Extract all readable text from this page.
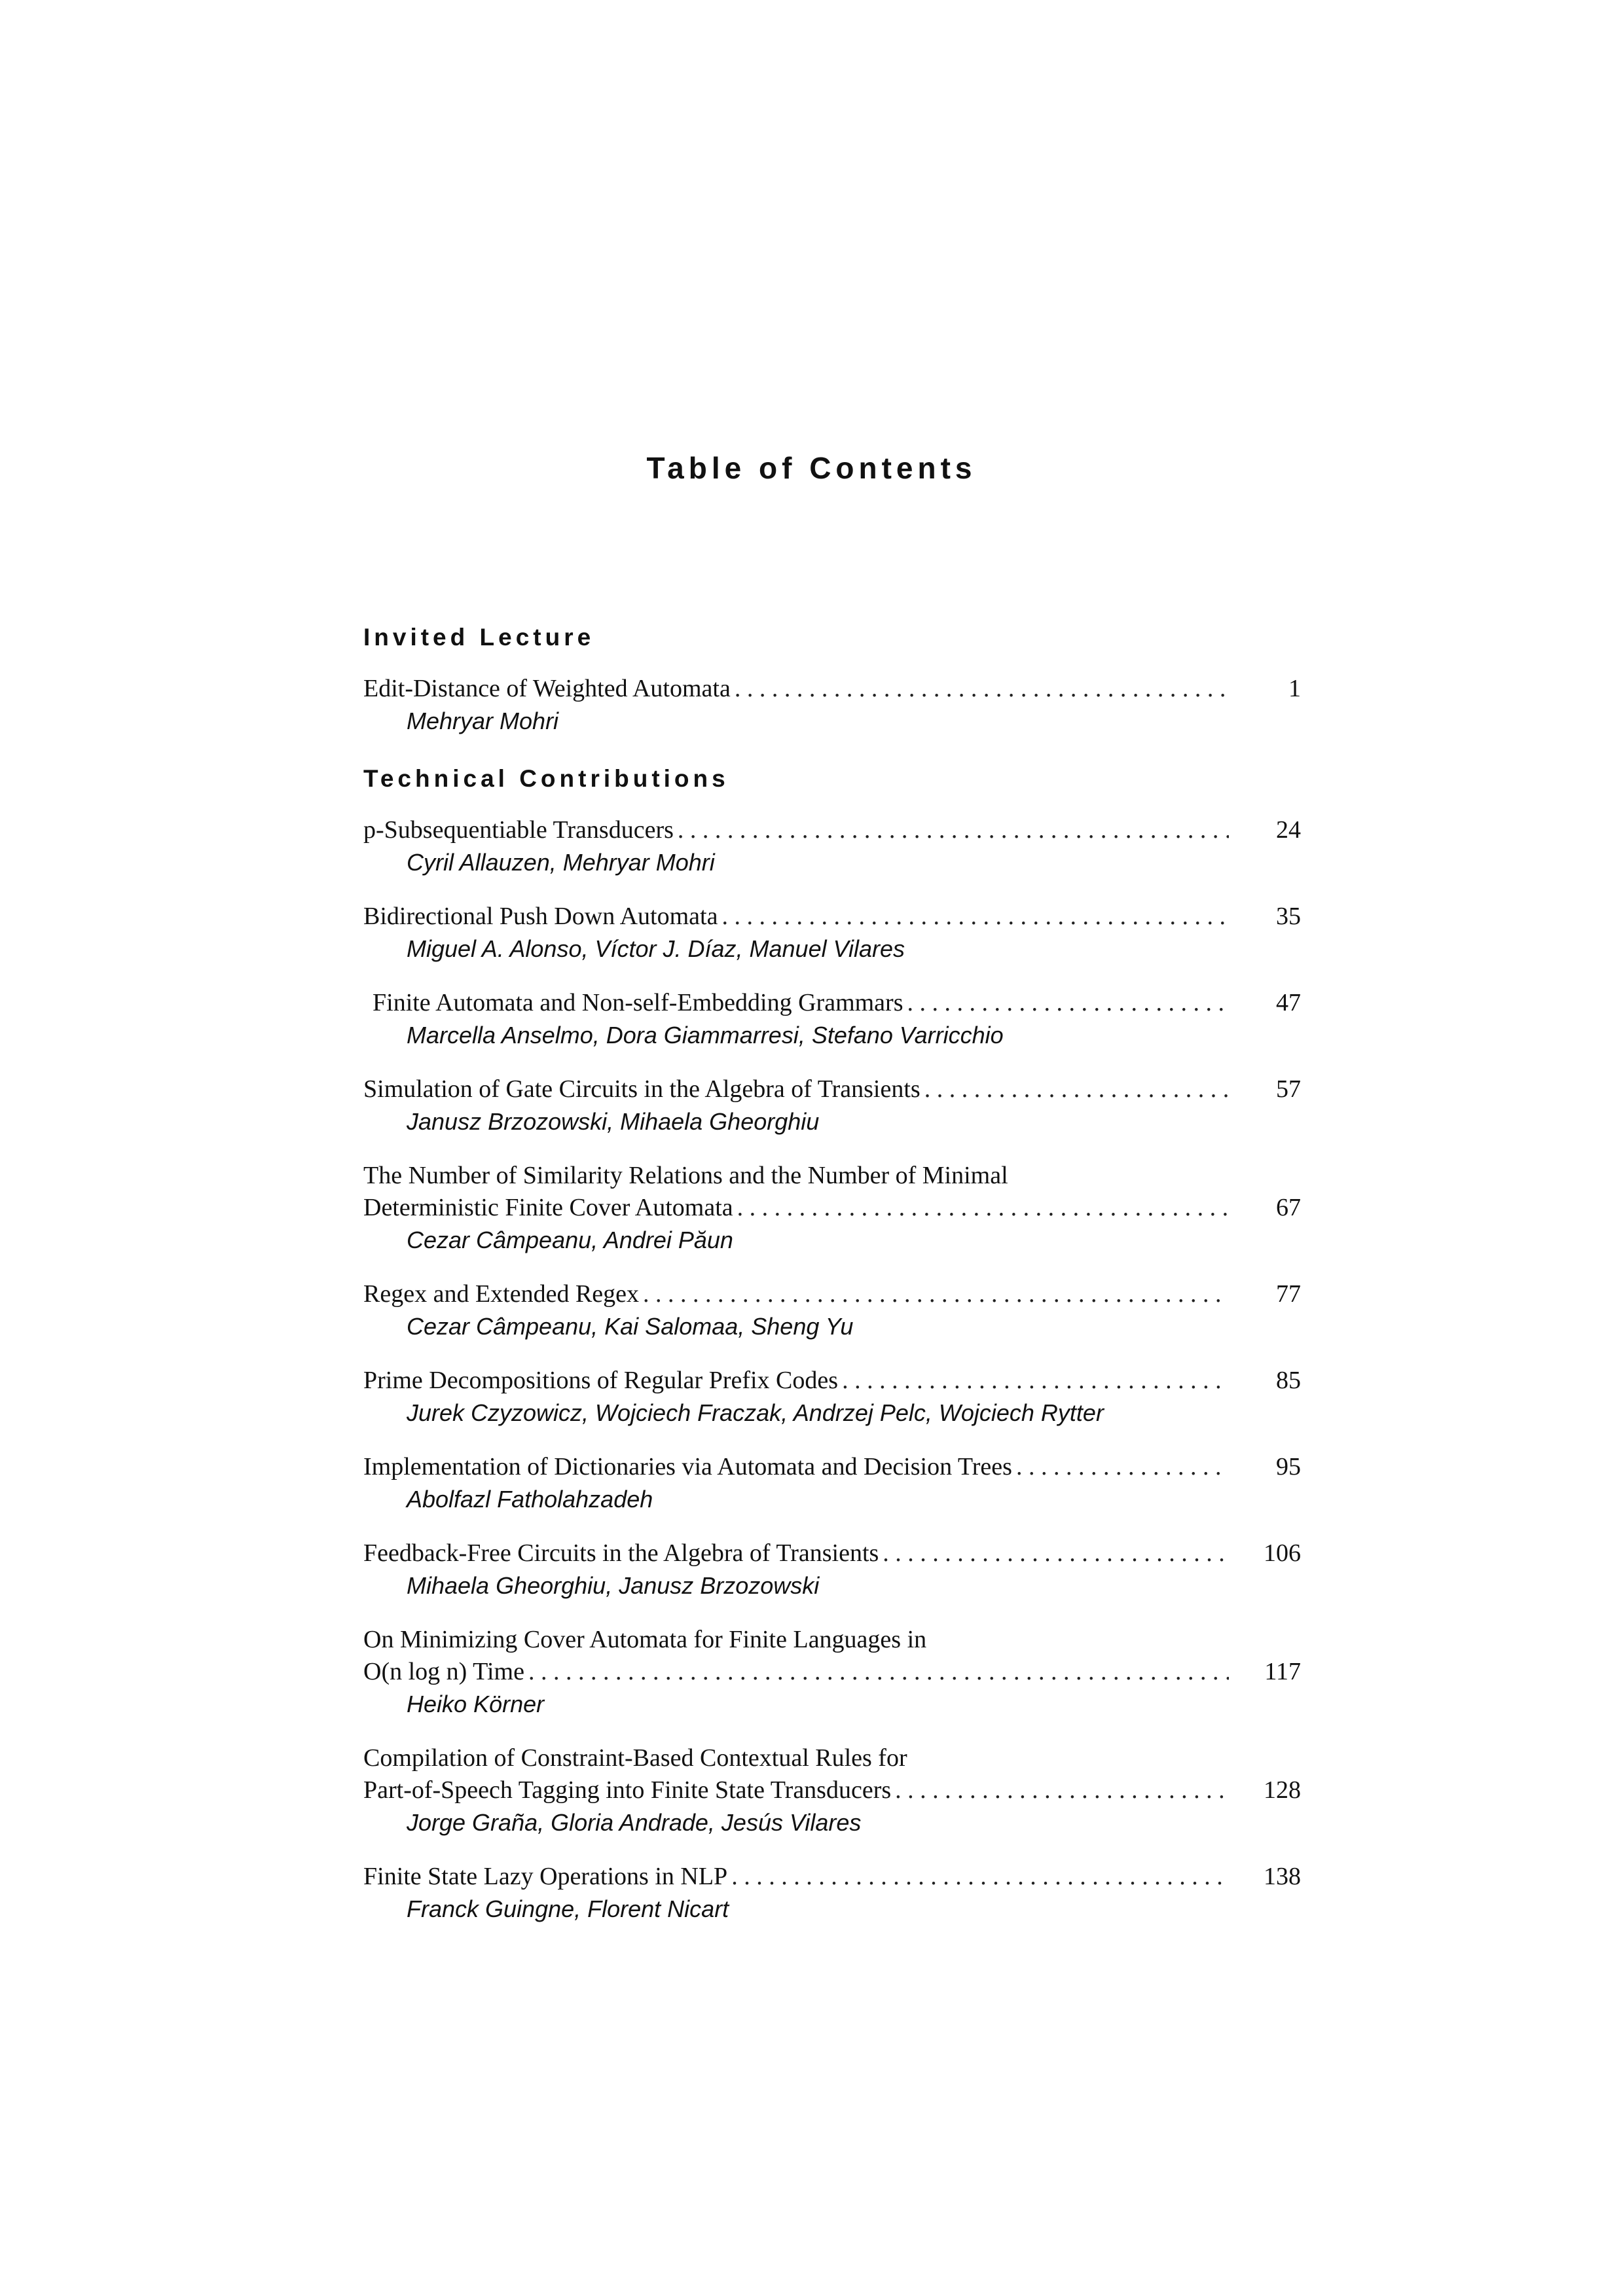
Table of Contents
Invited Lecture
Edit-Distance of Weighted Automata . . .	1
Mehryar Mohri
Technical Contributions
p-Subsequentiable Transducers . . .	24
Cyril Allauzen, Mehryar Mohri
Bidirectional Push Down Automata . . .	35
Miguel A. Alonso, Víctor J. Díaz, Manuel Vilares
Finite Automata and Non-self-Embedding Grammars . . .	47
Marcella Anselmo, Dora Giammarresi, Stefano Varricchio
Simulation of Gate Circuits in the Algebra of Transients . . .	57
Janusz Brzozowski, Mihaela Gheorghiu
The Number of Similarity Relations and the Number of Minimal
Deterministic Finite Cover Automata . . .	67
Cezar Câmpeanu, Andrei Păun
Regex and Extended Regex . . .	77
Cezar Câmpeanu, Kai Salomaa, Sheng Yu
Prime Decompositions of Regular Prefix Codes . . .	85
Jurek Czyzowicz, Wojciech Fraczak, Andrzej Pelc, Wojciech Rytter
Implementation of Dictionaries via Automata and Decision Trees . . .	95
Abolfazl Fatholahzadeh
Feedback-Free Circuits in the Algebra of Transients . . .	106
Mihaela Gheorghiu, Janusz Brzozowski
On Minimizing Cover Automata for Finite Languages in
O(n log n) Time . . .	117
Heiko Körner
Compilation of Constraint-Based Contextual Rules for
Part-of-Speech Tagging into Finite State Transducers . . .	128
Jorge Graña, Gloria Andrade, Jesús Vilares
Finite State Lazy Operations in NLP . . .	138
Franck Guingne, Florent Nicart
